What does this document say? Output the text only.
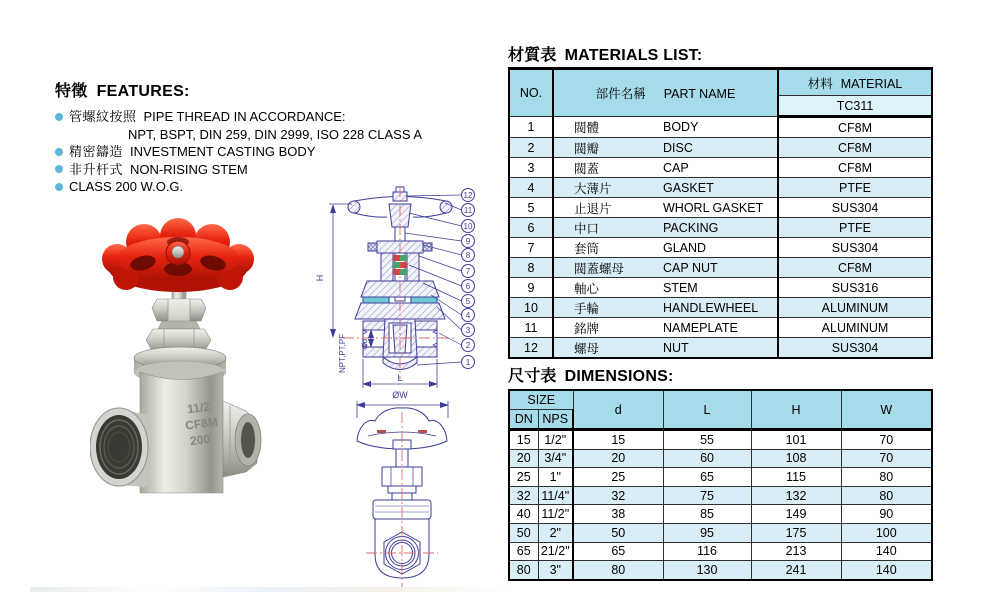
特徵 FEATURES:
管螺紋按照 PIPE THREAD IN ACCORDANCE:
NPT, BSPT, DIN 259, DIN 2999, ISO 228 CLASS A
精密鑄造 INVESTMENT CASTING BODY
非升杆式 NON-RISING STEM
CLASS 200 W.O.G.
11/2
CF8M
200
H
NPT,PT,PF Ød
L
12
11
10
9
8
7
6
5
4
3
2
1
ØW
材質表 MATERIALS LIST:
NO.	部件名稱 PART NAME		材料 MATERIAL
			TC311
1	閥體	BODY	CF8M
2	閥瓣	DISC	CF8M
3	閥蓋	CAP	CF8M
4	大薄片	GASKET	PTFE
5	止退片	WHORL GASKET	SUS304
6	中口	PACKING	PTFE
7	套筒	GLAND	SUS304
8	閥蓋螺母	CAP NUT	CF8M
9	軸心	STEM	SUS316
10	手輪	HANDLEWHEEL	ALUMINUM
11	銘牌	NAMEPLATE	ALUMINUM
12	螺母	NUT	SUS304
尺寸表 DIMENSIONS:
SIZE		d	L	H	W
DN	NPS				
15	1/2"	15	55	101	70
20	3/4"	20	60	108	70
25	1"	25	65	115	80
32	11/4"	32	75	132	80
40	11/2"	38	85	149	90
50	2"	50	95	175	100
65	21/2"	65	116	213	140
80	3"	80	130	241	140
